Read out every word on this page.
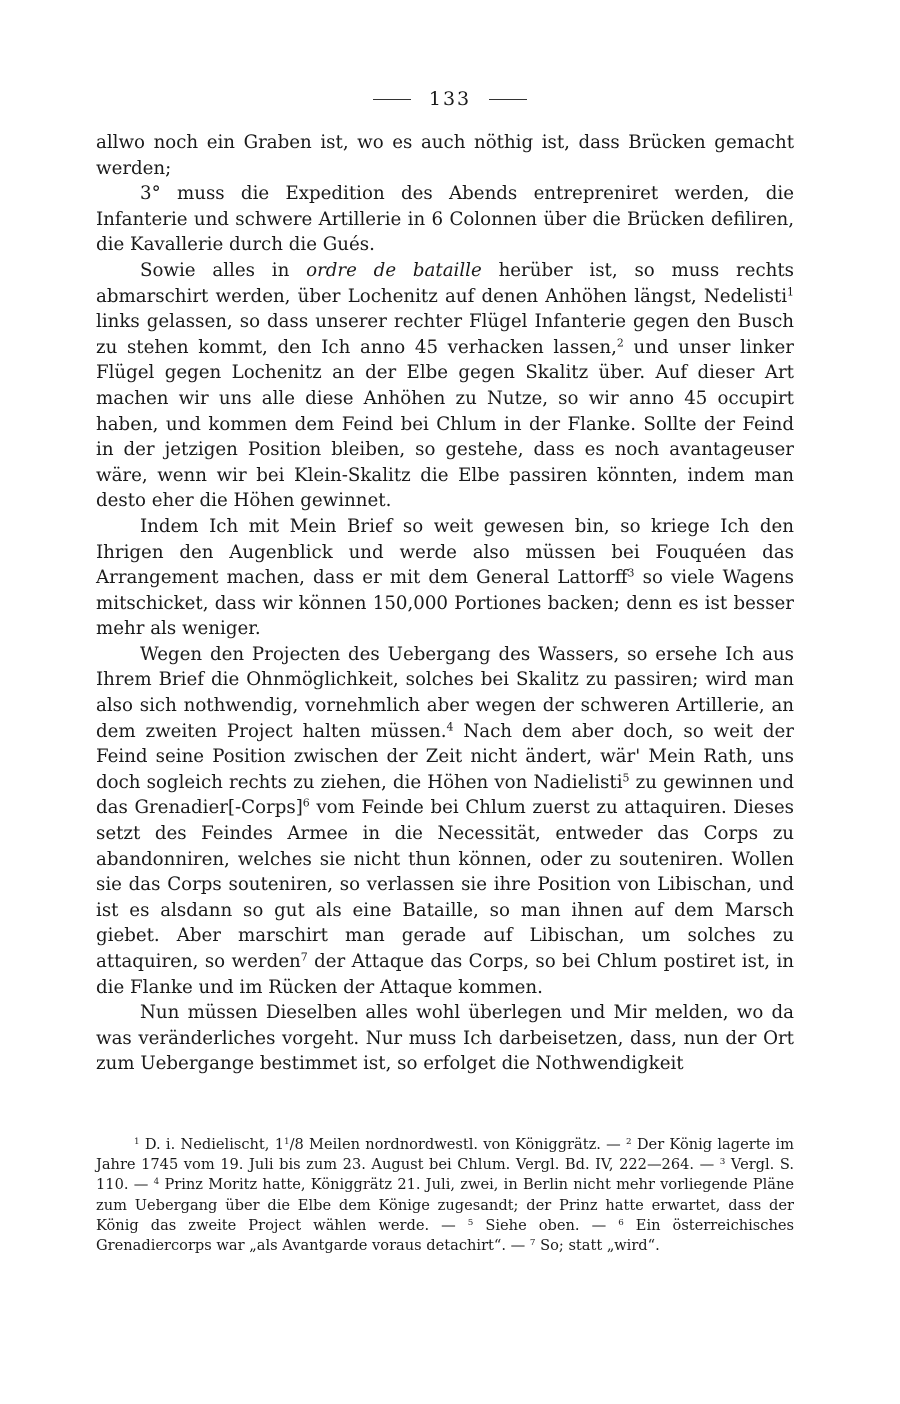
133

allwo noch ein Graben ist, wo es auch nöthig ist, dass Brücken gemacht werden;

3° muss die Expedition des Abends entrepreniret werden, die Infanterie und schwere Artillerie in 6 Colonnen über die Brücken defiliren, die Kavallerie durch die Gués.

Sowie alles in ordre de bataille herüber ist, so muss rechts abmarschirt werden, über Lochenitz auf denen Anhöhen längst, Nedelisti$^1$ links gelassen, so dass unserer rechter Flügel Infanterie gegen den Busch zu stehen kommt, den Ich anno 45 verhacken lassen,$^2$ und unser linker Flügel gegen Lochenitz an der Elbe gegen Skalitz über. Auf dieser Art machen wir uns alle diese Anhöhen zu Nutze, so wir anno 45 occupirt haben, und kommen dem Feind bei Chlum in der Flanke. Sollte der Feind in der jetzigen Position bleiben, so gestehe, dass es noch avantageuser wäre, wenn wir bei Klein-Skalitz die Elbe passiren könnten, indem man desto eher die Höhen gewinnet.

Indem Ich mit Mein Brief so weit gewesen bin, so kriege Ich den Ihrigen den Augenblick und werde also müssen bei Fouquéen das Arrangement machen, dass er mit dem General Lattorff$^3$ so viele Wagens mitschicket, dass wir können 150,000 Portiones backen; denn es ist besser mehr als weniger.

Wegen den Projecten des Uebergang des Wassers, so ersehe Ich aus Ihrem Brief die Ohnmöglichkeit, solches bei Skalitz zu passiren; wird man also sich nothwendig, vornehmlich aber wegen der schweren Artillerie, an dem zweiten Project halten müssen.$^4$ Nach dem aber doch, so weit der Feind seine Position zwischen der Zeit nicht ändert, wär' Mein Rath, uns doch sogleich rechts zu ziehen, die Höhen von Nadielisti$^5$ zu gewinnen und das Grenadier[-Corps]$^6$ vom Feinde bei Chlum zuerst zu attaquiren. Dieses setzt des Feindes Armee in die Necessität, entweder das Corps zu abandonniren, welches sie nicht thun können, oder zu souteniren. Wollen sie das Corps souteniren, so verlassen sie ihre Position von Libischan, und ist es alsdann so gut als eine Bataille, so man ihnen auf dem Marsch giebet. Aber marschirt man gerade auf Libischan, um solches zu attaquiren, so werden$^7$ der Attaque das Corps, so bei Chlum postiret ist, in die Flanke und im Rücken der Attaque kommen.

Nun müssen Dieselben alles wohl überlegen und Mir melden, wo da was veränderliches vorgeht. Nur muss Ich darbeisetzen, dass, nun der Ort zum Uebergange bestimmet ist, so erfolget die Nothwendigkeit

$^1$ D. i. Nedielischt, $1^1/8$ Meilen nordnordwestl. von Königgrätz. — $^2$ Der König lagerte im Jahre 1745 vom 19. Juli bis zum 23. August bei Chlum. Vergl. Bd. IV, 222—264. — $^3$ Vergl. S. 110. — $^4$ Prinz Moritz hatte, Königgrätz 21. Juli, zwei, in Berlin nicht mehr vorliegende Pläne zum Uebergang über die Elbe dem Könige zugesandt; der Prinz hatte erwartet, dass der König das zweite Project wählen werde. — $^5$ Siehe oben. — $^6$ Ein österreichisches Grenadiercorps war „als Avantgarde voraus detachirt“. — $^7$ So; statt „wird“.
